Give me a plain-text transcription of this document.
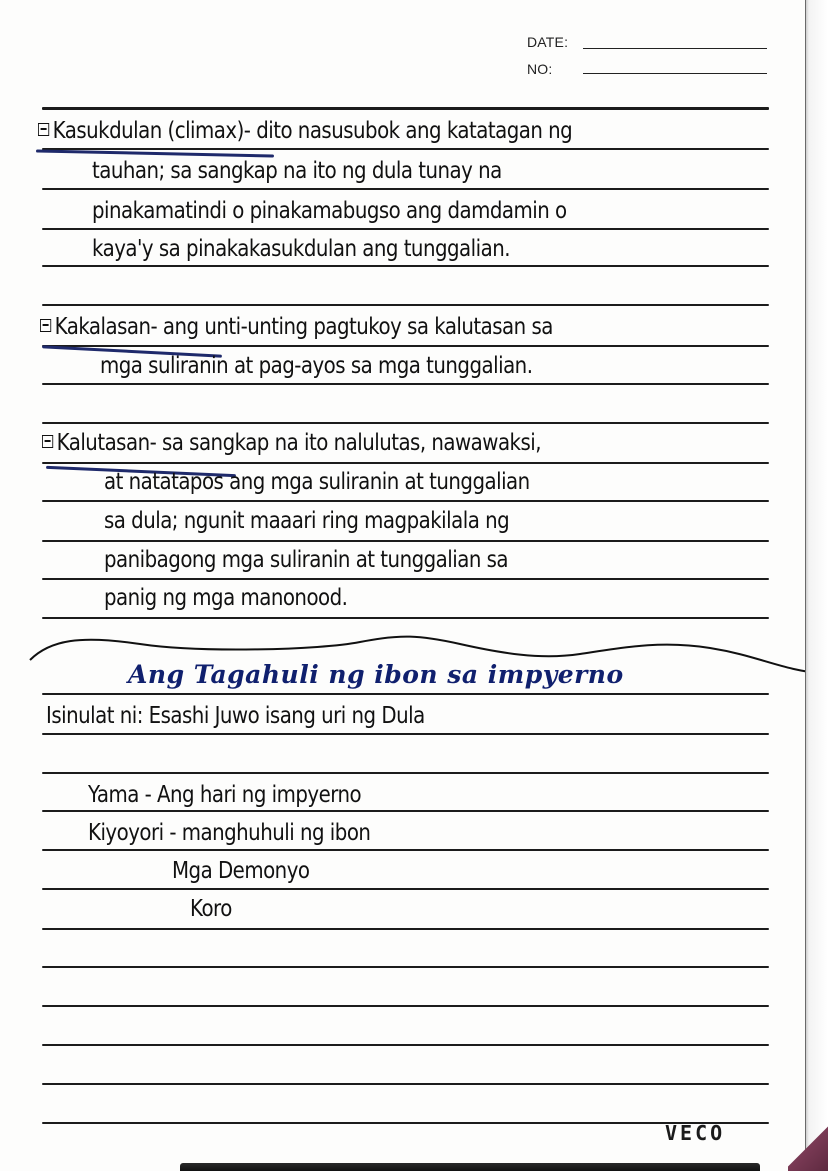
DATE:
NO:
Kasukdulan (climax)- dito nasusubok ang katatagan ng
tauhan; sa sangkap na ito ng dula tunay na
pinakamatindi o pinakamabugso ang damdamin o
kaya'y sa pinakakasukdulan ang tunggalian.
Kakalasan- ang unti-unting pagtukoy sa kalutasan sa
mga suliranin at pag-ayos sa mga tunggalian.
Kalutasan- sa sangkap na ito nalulutas, nawawaksi,
at natatapos ang mga suliranin at tunggalian
sa dula; ngunit maaari ring magpakilala ng
panibagong mga suliranin at tunggalian sa
panig ng mga manonood.
Ang Tagahuli ng ibon sa impyerno
Isinulat ni: Esashi Juwo isang uri ng Dula
Yama - Ang hari ng impyerno
Kiyoyori - manghuhuli ng ibon
Mga Demonyo
Koro
VECO
